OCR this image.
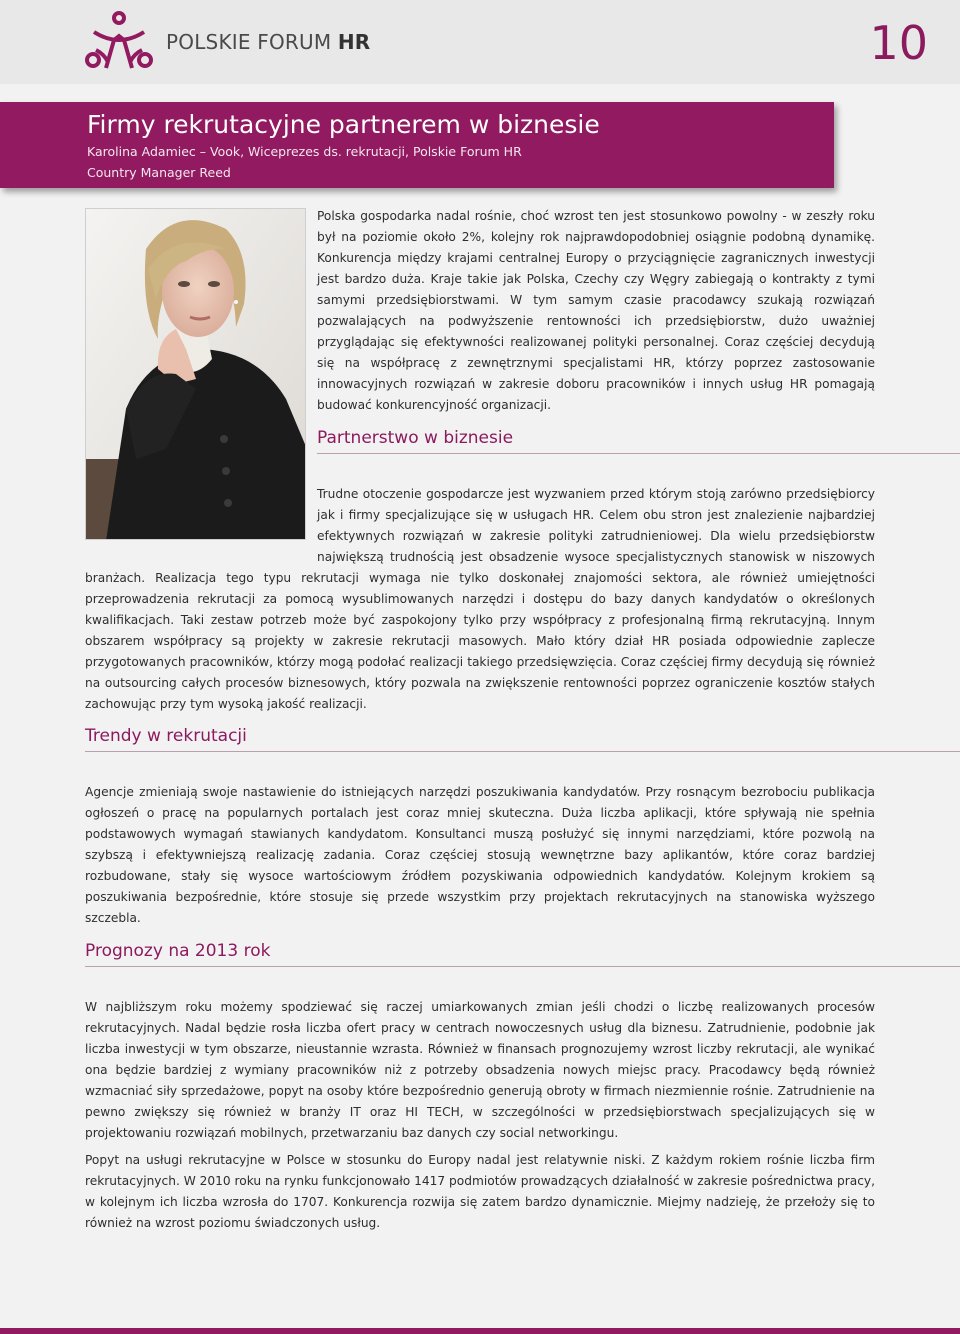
POLSKIE FORUM HR	10
Firmy rekrutacyjne partnerem w biznesie
Karolina Adamiec – Vook, Wiceprezes ds. rekrutacji, Polskie Forum HR
Country Manager Reed
Polska gospodarka nadal rośnie, choć wzrost ten jest stosunkowo powolny - w zeszły roku był na poziomie około 2%, kolejny rok najprawdopodobniej osiągnie podobną dynamikę. Konkurencja między krajami centralnej Europy o przyciągnięcie zagranicznych inwestycji jest bardzo duża. Kraje takie jak Polska, Czechy czy Węgry zabiegają o kontrakty z tymi samymi przedsiębiorstwami. W tym samym czasie pracodawcy szukają rozwiązań pozwalających na podwyższenie rentowności ich przedsiębiorstw, dużo uważniej przyglądając się efektywności realizowanej polityki personalnej. Coraz częściej decydują się na współpracę z zewnętrznymi specjalistami HR, którzy poprzez zastosowanie innowacyjnych rozwiązań w zakresie doboru pracowników i innych usług HR pomagają budować konkurencyjność organizacji.
Partnerstwo w biznesie
Trudne otoczenie gospodarcze jest wyzwaniem przed którym stoją zarówno przedsiębiorcy jak i firmy specjalizujące się w usługach HR. Celem obu stron jest znalezienie najbardziej efektywnych rozwiązań w zakresie polityki zatrudnieniowej. Dla wielu przedsiębiorstw największą trudnością jest obsadzenie wysoce specjalistycznych stanowisk w niszowych
branżach. Realizacja tego typu rekrutacji wymaga nie tylko doskonałej znajomości sektora, ale również umiejętności przeprowadzenia rekrutacji za pomocą wysublimowanych narzędzi i dostępu do bazy danych kandydatów o określonych kwalifikacjach. Taki zestaw potrzeb może być zaspokojony tylko przy współpracy z profesjonalną firmą rekrutacyjną. Innym obszarem współpracy są projekty w zakresie rekrutacji masowych. Mało który dział HR posiada odpowiednie zaplecze przygotowanych pracowników, którzy mogą podołać realizacji takiego przedsięwzięcia. Coraz częściej firmy decydują się również na outsourcing całych procesów biznesowych, który pozwala na zwiększenie rentowności poprzez ograniczenie kosztów stałych zachowując przy tym wysoką jakość realizacji.
Trendy w rekrutacji
Agencje zmieniają swoje nastawienie do istniejących narzędzi poszukiwania kandydatów. Przy rosnącym bezrobociu publikacja ogłoszeń o pracę na popularnych portalach jest coraz mniej skuteczna. Duża liczba aplikacji, które spływają nie spełnia podstawowych wymagań stawianych kandydatom. Konsultanci muszą posłużyć się innymi narzędziami, które pozwolą na szybszą i efektywniejszą realizację zadania. Coraz częściej stosują wewnętrzne bazy aplikantów, które coraz bardziej rozbudowane, stały się wysoce wartościowym źródłem pozyskiwania odpowiednich kandydatów. Kolejnym krokiem są poszukiwania bezpośrednie, które stosuje się przede wszystkim przy projektach rekrutacyjnych na stanowiska wyższego szczebla.
Prognozy na 2013 rok
W najbliższym roku możemy spodziewać się raczej umiarkowanych zmian jeśli chodzi o liczbę realizowanych procesów rekrutacyjnych. Nadal będzie rosła liczba ofert pracy w centrach nowoczesnych usług dla biznesu. Zatrudnienie, podobnie jak liczba inwestycji w tym obszarze, nieustannie wzrasta. Również w finansach prognozujemy wzrost liczby rekrutacji, ale wynikać ona będzie bardziej z wymiany pracowników niż z potrzeby obsadzenia nowych miejsc pracy. Pracodawcy będą również wzmacniać siły sprzedażowe, popyt na osoby które bezpośrednio generują obroty w firmach niezmiennie rośnie. Zatrudnienie na pewno zwiększy się również w branży IT oraz HI TECH, w szczególności w przedsiębiorstwach specjalizujących się w projektowaniu rozwiązań mobilnych, przetwarzaniu baz danych czy social networkingu.
Popyt na usługi rekrutacyjne w Polsce w stosunku do Europy nadal jest relatywnie niski. Z każdym rokiem rośnie liczba firm rekrutacyjnych. W 2010 roku na rynku funkcjonowało 1417 podmiotów prowadzących działalność w zakresie pośrednictwa pracy, w kolejnym ich liczba wzrosła do 1707. Konkurencja rozwija się zatem bardzo dynamicznie. Miejmy nadzieję, że przełoży się to również na wzrost poziomu świadczonych usług.
